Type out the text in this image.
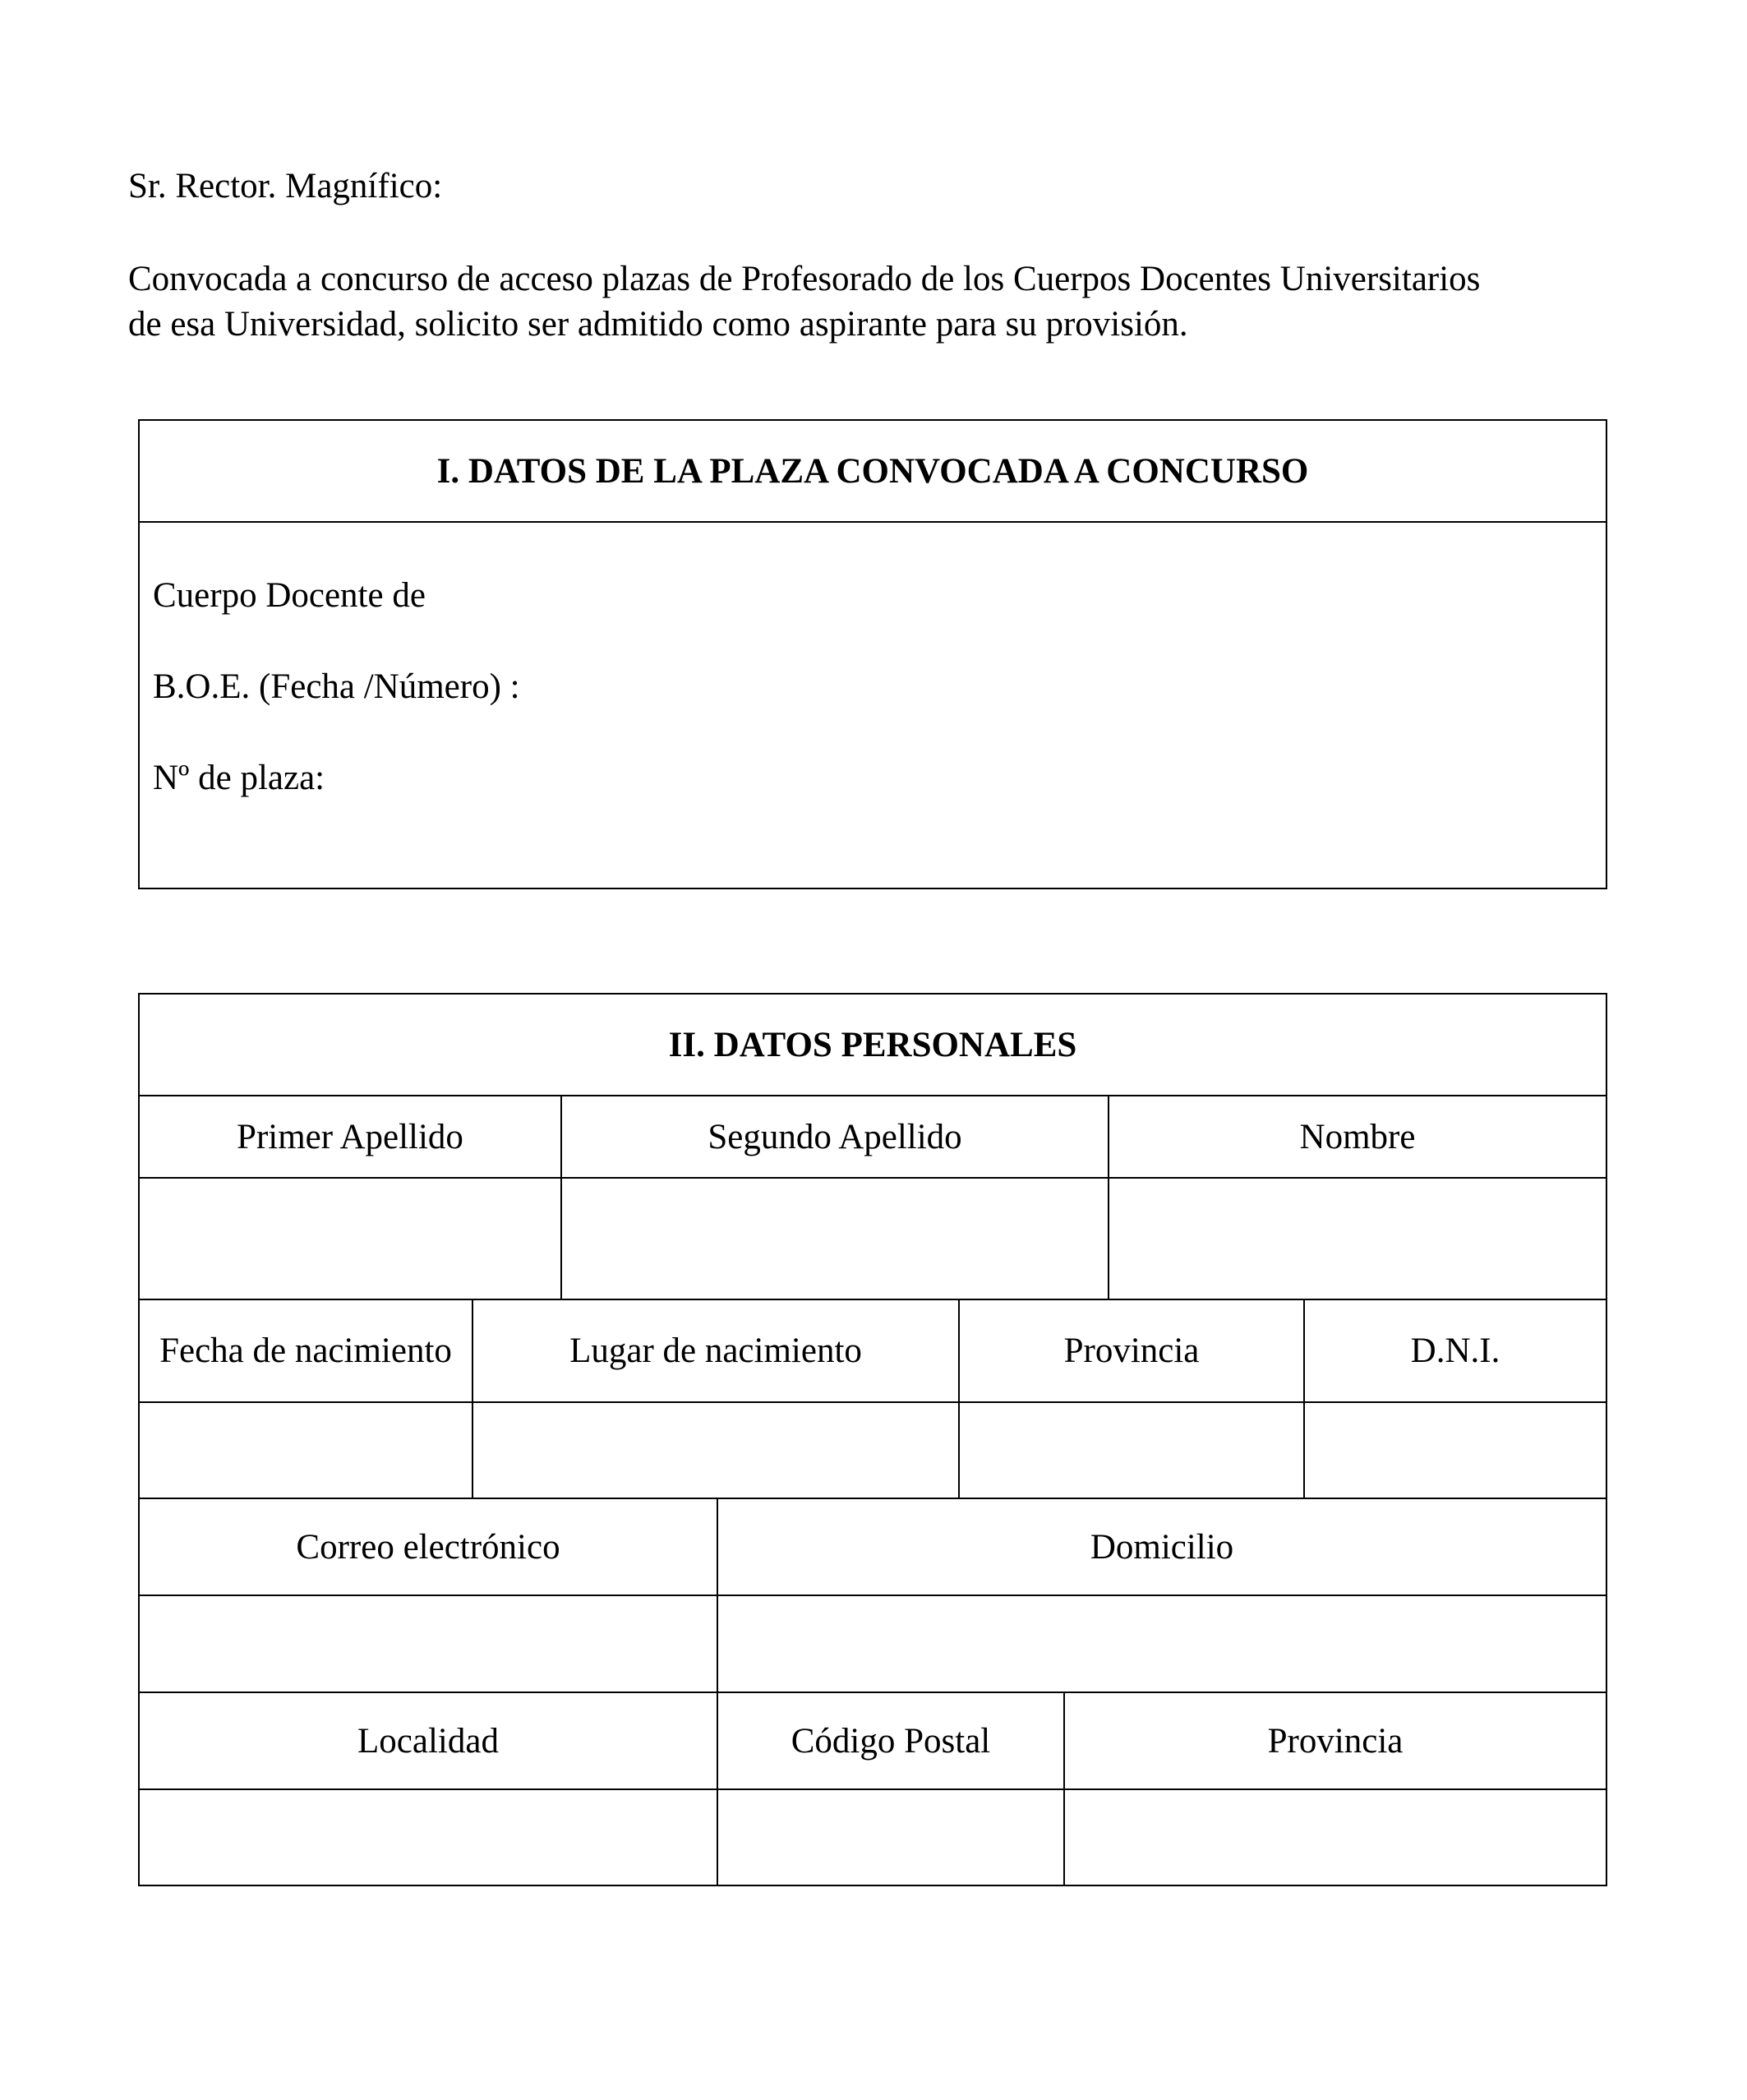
Sr. Rector. Magnífico:
Convocada a concurso de acceso plazas de Profesorado de los Cuerpos Docentes Universitarios
de esa Universidad, solicito ser admitido como aspirante para su provisión.
I. DATOS DE LA PLAZA CONVOCADA A CONCURSO
Cuerpo Docente de
B.O.E. (Fecha /Número) :
Nº de plaza:
II. DATOS PERSONALES
Primer Apellido	Segundo Apellido	Nombre
Fecha de nacimiento	Lugar de nacimiento	Provincia	D.N.I.
Correo electrónico	Domicilio
Localidad	Código Postal	Provincia
